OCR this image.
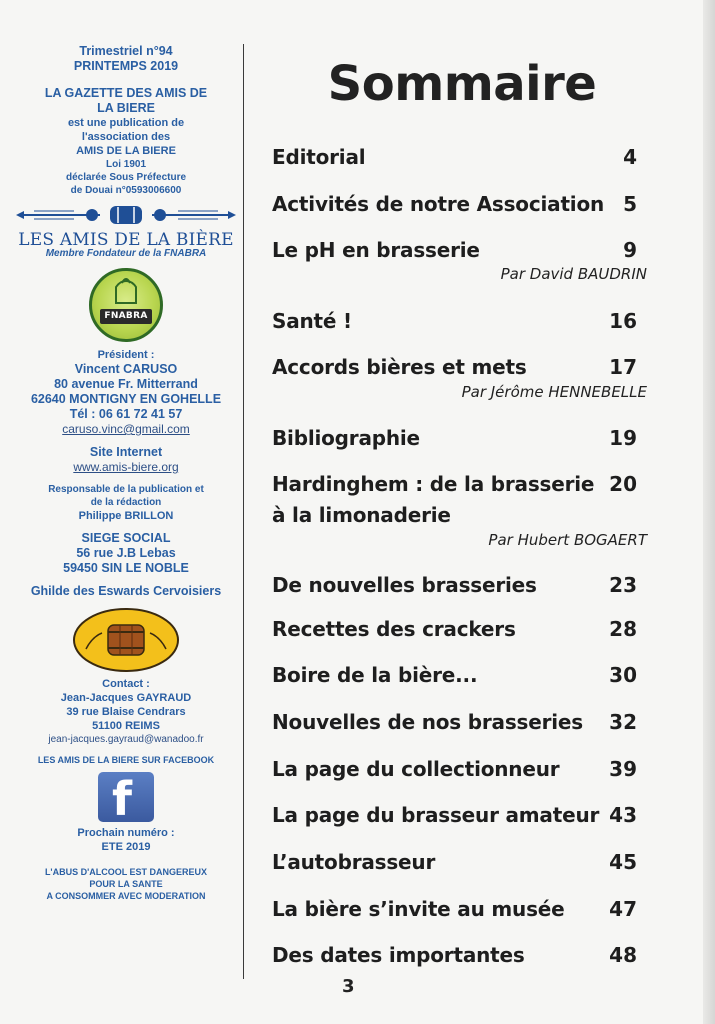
Trimestriel n°94
PRINTEMPS 2019
LA GAZETTE DES AMIS DE
LA BIERE
est une publication de
l'association des
AMIS DE LA BIERE
Loi 1901
déclarée Sous Préfecture
de Douai n°0593006600
LES AMIS DE LA BIÈRE
Membre Fondateur de la FNABRA
FNABRA
Président :
Vincent CARUSO
80 avenue Fr. Mitterrand
62640 MONTIGNY EN GOHELLE
Tél : 06 61 72 41 57
caruso.vinc@gmail.com
Site Internet
www.amis-biere.org
Responsable de la publication et
de la rédaction
Philippe BRILLON
SIEGE SOCIAL
56 rue J.B Lebas
59450 SIN LE NOBLE
Ghilde des Eswards Cervoisiers
Contact :
Jean-Jacques GAYRAUD
39 rue Blaise Cendrars
51100 REIMS
jean-jacques.gayraud@wanadoo.fr
LES AMIS DE LA BIERE SUR FACEBOOK
f
Prochain numéro :
ETE 2019
L'ABUS D'ALCOOL EST DANGEREUX
POUR LA SANTE
A CONSOMMER AVEC MODERATION
Sommaire
Editorial	4
Activités de notre Association 5
Le pH en brasserie	9
Par David BAUDRIN
Santé !	16
Accords bières et mets	17
Par Jérôme HENNEBELLE
Bibliographie	19
Hardinghem : de la brasserie 20
à la limonaderie
Par Hubert BOGAERT
De nouvelles brasseries	23
Recettes des crackers	28
Boire de la bière...	30
Nouvelles de nos brasseries 32
La page du collectionneur 39
La page du brasseur amateur 43
L’autobrasseur	45
La bière s’invite au musée 47
Des dates importantes	48
3
